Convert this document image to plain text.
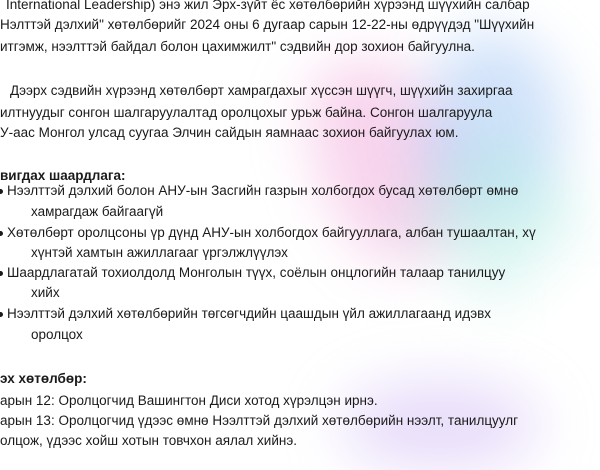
International Leadership) энэ жил Эрх-зүйт ёс хөтөлбөрийн хүрээнд шүүхийн салбар
Нэлттэй дэлхий" хөтөлбөрийг 2024 оны 6 дугаар сарын 12-22-ны өдрүүдэд "Шүүхийн
итгэмж, нээлттэй байдал болон цахимжилт" сэдвийн дор зохион байгуулна.
Дээрх сэдвийн хүрээнд хөтөлбөрт хамрагдахыг хүссэн шүүгч, шүүхийн захиргаа
илтнуудыг сонгон шалгаруулалтад оролцохыг урьж байна. Сонгон шалгаруула
У-аас Монгол улсад суугаа Элчин сайдын яамнаас зохион байгуулах юм.
вигдах шаардлага:
Нээлттэй дэлхий болон АНУ-ын Засгийн газрын холбогдох бусад хөтөлбөрт өмнө
хамрагдаж байгаагүй
Хөтөлбөрт оролцсоны үр дүнд АНУ-ын холбогдох байгууллага, албан тушаалтан, хү
хүнтэй хамтын ажиллагааг үргэлжлүүлэх
Шаардлагатай тохиолдолд Монголын түүх, соёлын онцлогийн талаар танилцуу
хийх
Нээлттэй дэлхий хөтөлбөрийн төгсөгчдийн цаашдын үйл ажиллагаанд идэвх
оролцох
эх хөтөлбөр:
арын 12: Оролцогчид Вашингтон Диси хотод хүрэлцэн ирнэ.
арын 13: Оролцогчид үдээс өмнө Нээлттэй дэлхий хөтөлбөрийн нээлт, танилцуулг
олцож, үдээс хойш хотын товчхон аялал хийнэ.
